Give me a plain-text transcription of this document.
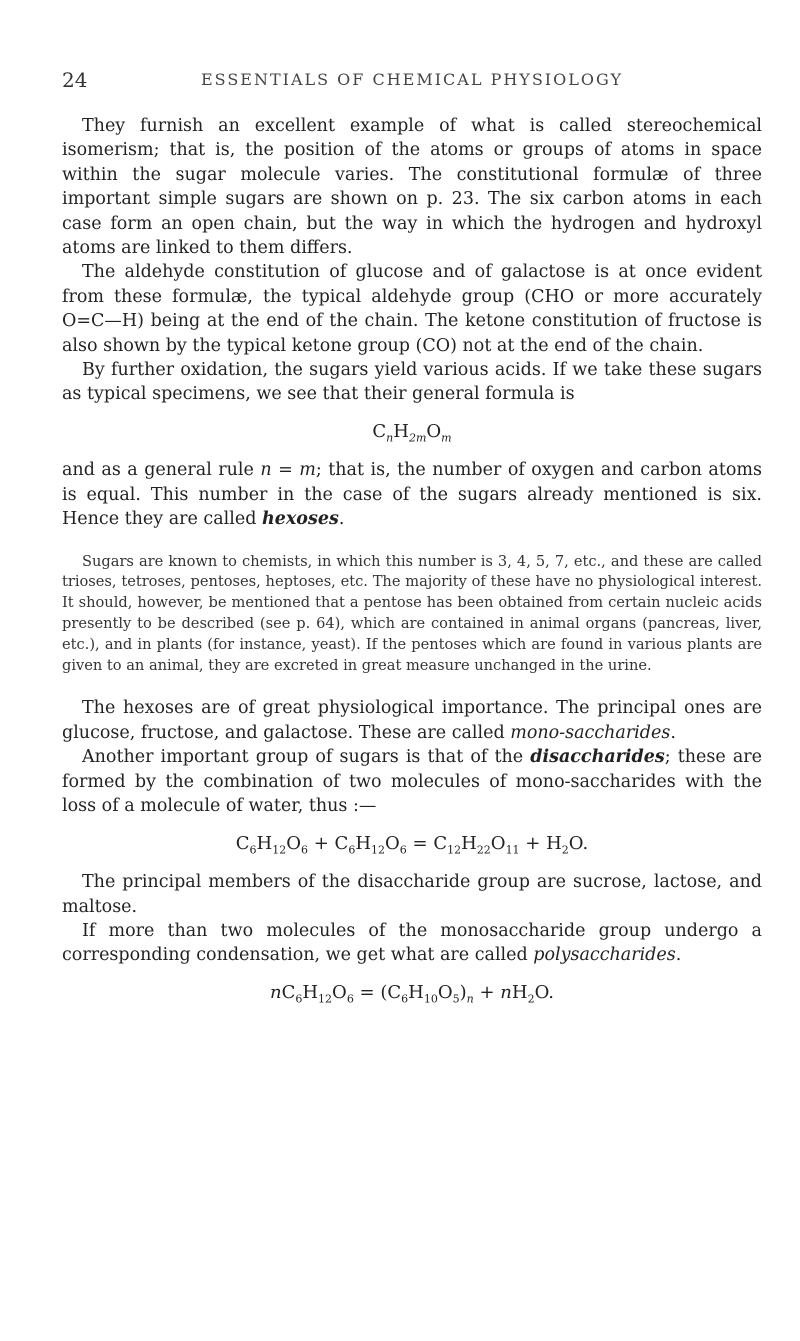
24	ESSENTIALS OF CHEMICAL PHYSIOLOGY

They furnish an excellent example of what is called stereochemical isomerism; that is, the position of the atoms or groups of atoms in space within the sugar molecule varies. The constitutional formulæ of three important simple sugars are shown on p. 23. The six carbon atoms in each case form an open chain, but the way in which the hydrogen and hydroxyl atoms are linked to them differs.

The aldehyde constitution of glucose and of galactose is at once evident from these formulæ, the typical aldehyde group (CHO or more accurately O=C—H) being at the end of the chain. The ketone constitution of fructose is also shown by the typical ketone group (CO) not at the end of the chain.

By further oxidation, the sugars yield various acids. If we take these sugars as typical specimens, we see that their general formula is

$C_nH_{2m}O_m$

and as a general rule n = m; that is, the number of oxygen and carbon atoms is equal. This number in the case of the sugars already mentioned is six. Hence they are called hexoses.

Sugars are known to chemists, in which this number is 3, 4, 5, 7, etc., and these are called trioses, tetroses, pentoses, heptoses, etc. The majority of these have no physiological interest. It should, however, be mentioned that a pentose has been obtained from certain nucleic acids presently to be described (see p. 64), which are contained in animal organs (pancreas, liver, etc.), and in plants (for instance, yeast). If the pentoses which are found in various plants are given to an animal, they are excreted in great measure unchanged in the urine.

The hexoses are of great physiological importance. The principal ones are glucose, fructose, and galactose. These are called mono-saccharides.

Another important group of sugars is that of the disaccharides; these are formed by the combination of two molecules of mono-saccharides with the loss of a molecule of water, thus :—

$C_6H_{12}O_6 + C_6H_{12}O_6 = C_{12}H_{22}O_{11} + H_2O$.

The principal members of the disaccharide group are sucrose, lactose, and maltose.

If more than two molecules of the monosaccharide group undergo a corresponding condensation, we get what are called polysaccharides.

$nC_6H_{12}O_6 = (C_6H_{10}O_5)_n + nH_2O$.
